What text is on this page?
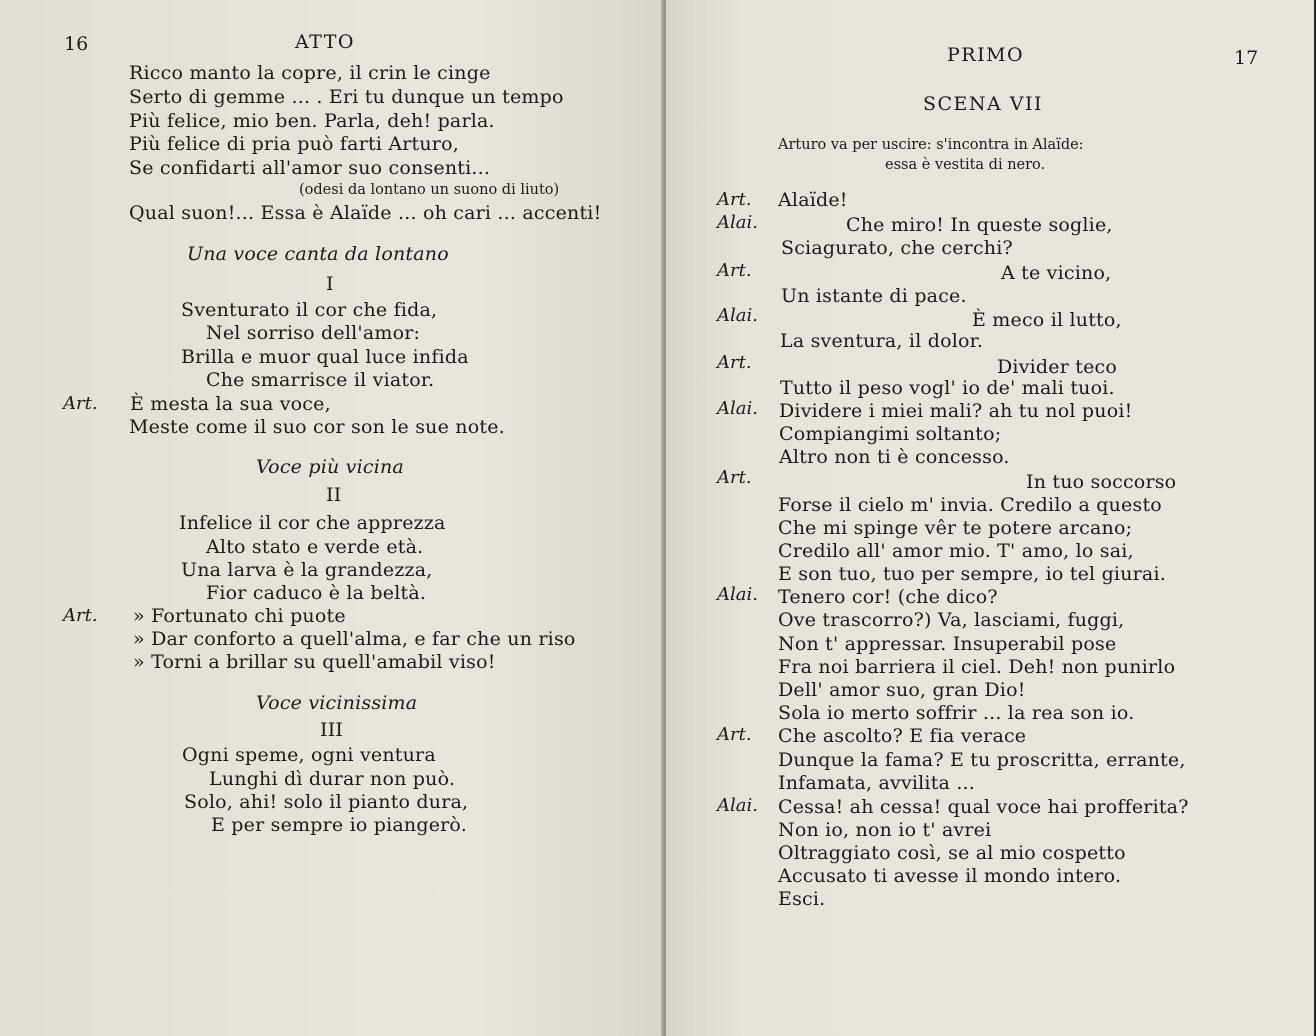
16	ATTO
Ricco manto la copre, il crin le cinge
Serto di gemme ... . Eri tu dunque un tempo
Più felice, mio ben. Parla, deh! parla.
Più felice di pria può farti Arturo,
Se confidarti all'amor suo consenti...
(odesi da lontano un suono di liuto)
Qual suon!... Essa è Alaïde ... oh cari ... accenti!
Una voce canta da lontano
I
Sventurato il cor che fida,
Nel sorriso dell'amor:
Brilla e muor qual luce infida
Che smarrisce il viator.
Art. È mesta la sua voce,
Meste come il suo cor son le sue note.
Voce più vicina
II
Infelice il cor che apprezza
Alto stato e verde età.
Una larva è la grandezza,
Fior caduco è la beltà.
Art. » Fortunato chi puote
» Dar conforto a quell'alma, e far che un riso
» Torni a brillar su quell'amabil viso!
Voce vicinissima
III
Ogni speme, ogni ventura
Lunghi dì durar non può.
Solo, ahi! solo il pianto dura,
E per sempre io piangerò.
PRIMO	17
SCENA VII
Arturo va per uscire: s'incontra in Alaïde:
essa è vestita di nero.
Art. Alaïde!
Alai.	Che miro! In queste soglie,
Sciagurato, che cerchi?
Art.	A te vicino,
Un istante di pace.
Alai.	È meco il lutto,
La sventura, il dolor.
Art.	Divider teco
Tutto il peso vogl' io de' mali tuoi.
Alai. Dividere i miei mali? ah tu nol puoi!
Compiangimi soltanto;
Altro non ti è concesso.
Art.	In tuo soccorso
Forse il cielo m' invia. Credilo a questo
Che mi spinge vêr te potere arcano;
Credilo all' amor mio. T' amo, lo sai,
E son tuo, tuo per sempre, io tel giurai.
Alai. Tenero cor! (che dico?
Ove trascorro?) Va, lasciami, fuggi,
Non t' appressar. Insuperabil pose
Fra noi barriera il ciel. Deh! non punirlo
Dell' amor suo, gran Dio!
Sola io merto soffrir ... la rea son io.
Art. Che ascolto? E fia verace
Dunque la fama? E tu proscritta, errante,
Infamata, avvilita ...
Alai. Cessa! ah cessa! qual voce hai profferita?
Non io, non io t' avrei
Oltraggiato così, se al mio cospetto
Accusato ti avesse il mondo intero.
Esci.
